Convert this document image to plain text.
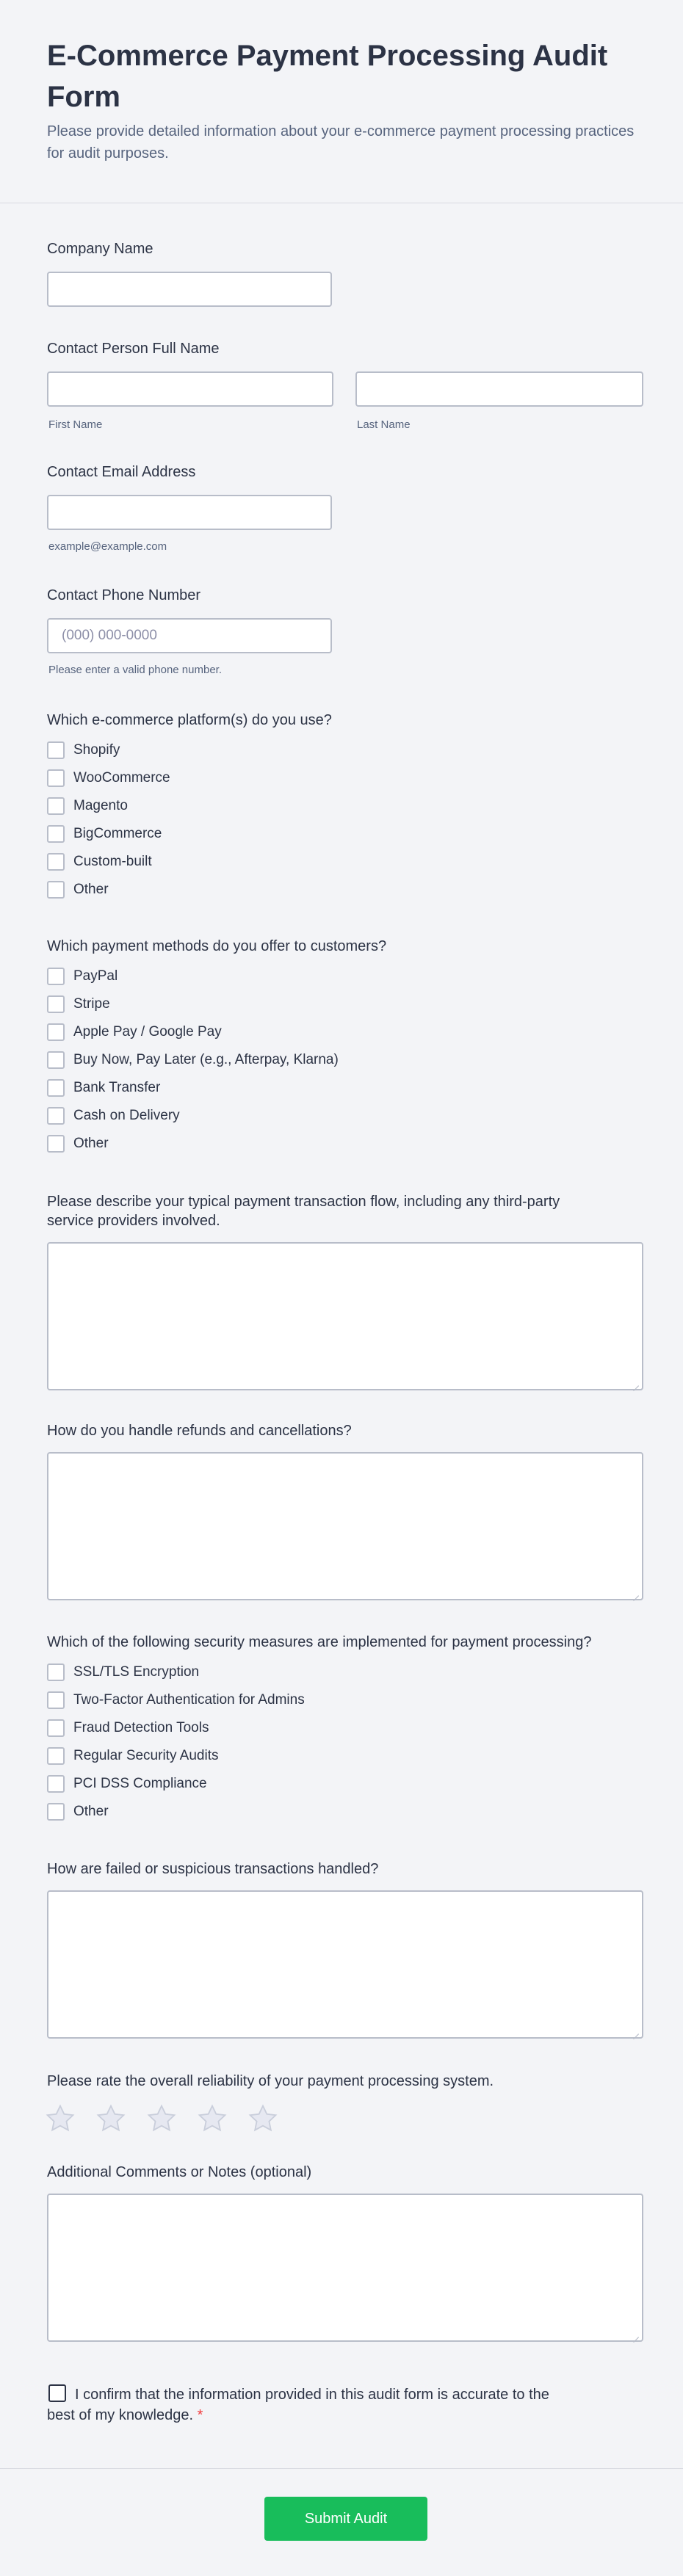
E-Commerce Payment Processing Audit Form
Please provide detailed information about your e-commerce payment processing practices for audit purposes.
Company Name
Contact Person Full Name
First Name	Last Name
Contact Email Address
example@example.com
Contact Phone Number
(000) 000-0000
Please enter a valid phone number.
Which e-commerce platform(s) do you use?
Shopify
WooCommerce
Magento
BigCommerce
Custom-built
Other
Which payment methods do you offer to customers?
PayPal
Stripe
Apple Pay / Google Pay
Buy Now, Pay Later (e.g., Afterpay, Klarna)
Bank Transfer
Cash on Delivery
Other
Please describe your typical payment transaction flow, including any third-party service providers involved.
How do you handle refunds and cancellations?
Which of the following security measures are implemented for payment processing?
SSL/TLS Encryption
Two-Factor Authentication for Admins
Fraud Detection Tools
Regular Security Audits
PCI DSS Compliance
Other
How are failed or suspicious transactions handled?
Please rate the overall reliability of your payment processing system.
Additional Comments or Notes (optional)
I confirm that the information provided in this audit form is accurate to the best of my knowledge. *
Submit Audit
